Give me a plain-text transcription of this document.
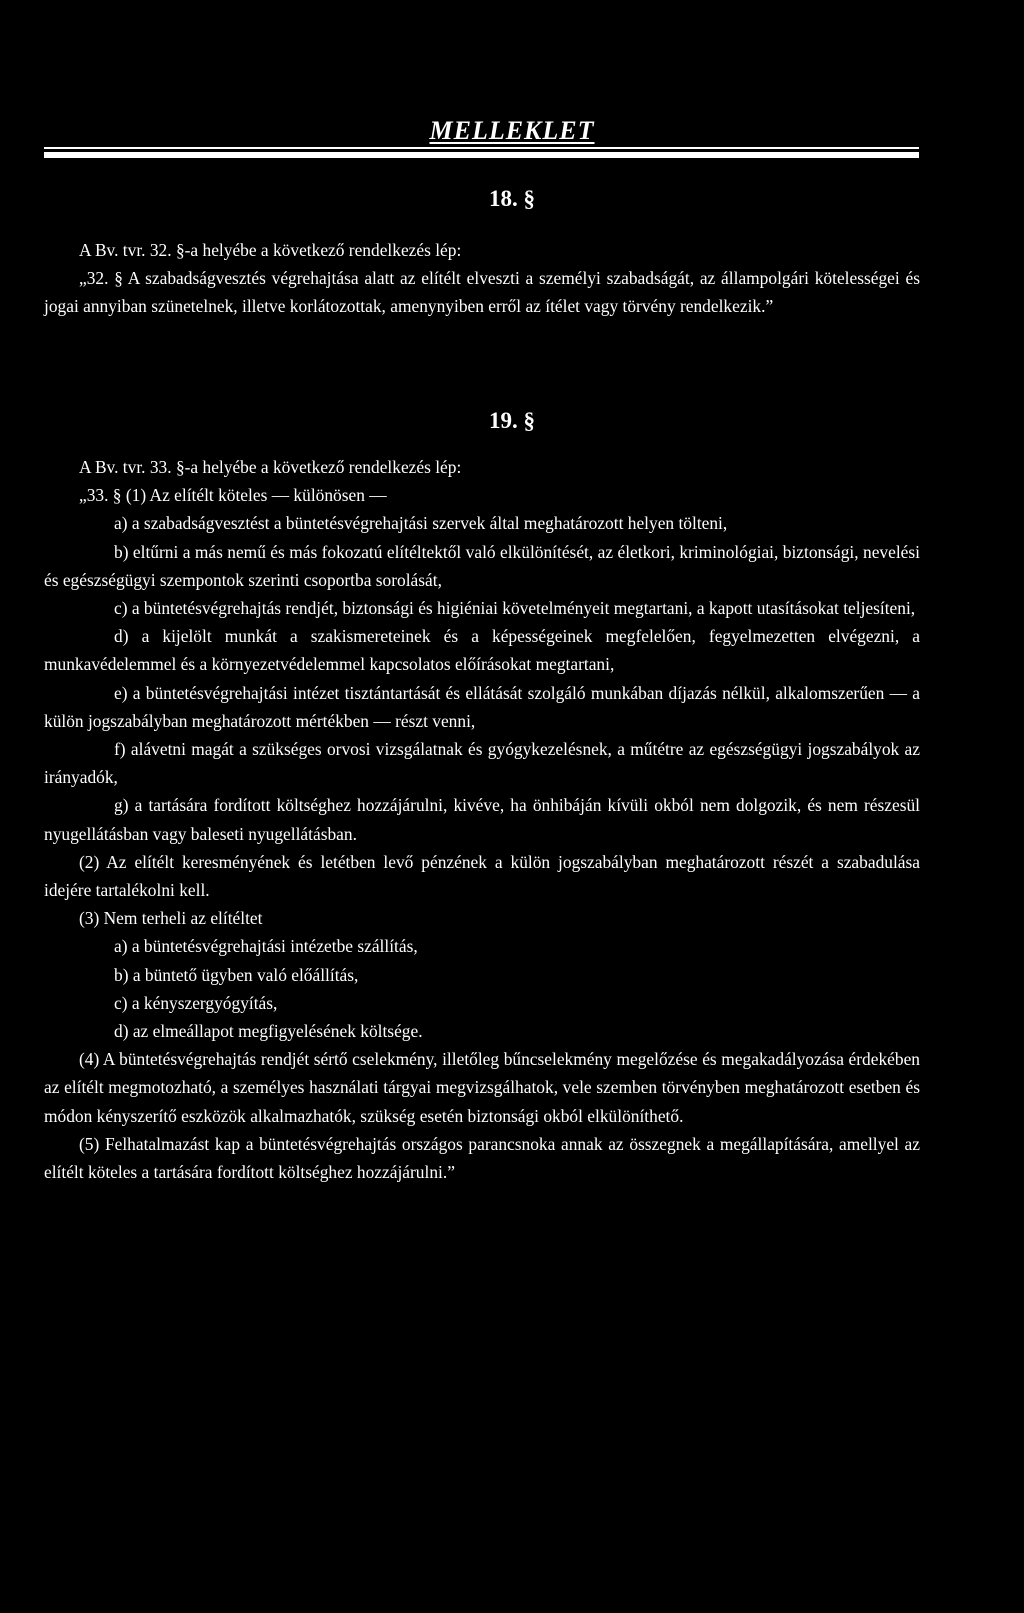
MELLEKLET
18. §

A Bv. tvr. 32. §-a helyébe a következő rendelkezés lép:

„32. § A szabadságvesztés végrehajtása alatt az elítélt elveszti a személyi szabadságát, az állampolgári kötelességei és jogai annyiban szünetelnek, illetve korlátozottak, amenynyiben erről az ítélet vagy törvény rendelkezik.”

19. §

A Bv. tvr. 33. §-a helyébe a következő rendelkezés lép:

„33. § (1) Az elítélt köteles — különösen —

a) a szabadságvesztést a büntetésvégrehajtási szervek által meghatározott helyen tölteni,

b) eltűrni a más nemű és más fokozatú elítéltektől való elkülönítését, az életkori, kriminológiai, biztonsági, nevelési és egészségügyi szempontok szerinti csoportba sorolását,

c) a büntetésvégrehajtás rendjét, biztonsági és higiéniai követelményeit megtartani, a kapott utasításokat teljesíteni,

d) a kijelölt munkát a szakismereteinek és a képességeinek megfelelően, fegyelmezetten elvégezni, a munkavédelemmel és a környezetvédelemmel kapcsolatos előírásokat megtartani,

e) a büntetésvégrehajtási intézet tisztántartását és ellátását szolgáló munkában díjazás nélkül, alkalomszerűen — a külön jogszabályban meghatározott mértékben — részt venni,

f) alávetni magát a szükséges orvosi vizsgálatnak és gyógykezelésnek, a műtétre az egészségügyi jogszabályok az irányadók,

g) a tartására fordított költséghez hozzájárulni, kivéve, ha önhibáján kívüli okból nem dolgozik, és nem részesül nyugellátásban vagy baleseti nyugellátásban.

(2) Az elítélt keresményének és letétben levő pénzének a külön jogszabályban meghatározott részét a szabadulása idejére tartalékolni kell.

(3) Nem terheli az elítéltet

a) a büntetésvégrehajtási intézetbe szállítás,

b) a büntető ügyben való előállítás,

c) a kényszergyógyítás,

d) az elmeállapot megfigyelésének költsége.

(4) A büntetésvégrehajtás rendjét sértő cselekmény, illetőleg bűncselekmény megelőzése és megakadályozása érdekében az elítélt megmotozható, a személyes használati tárgyai megvizsgálhatok, vele szemben törvényben meghatározott esetben és módon kényszerítő eszközök alkalmazhatók, szükség esetén biztonsági okból elkülöníthető.

(5) Felhatalmazást kap a büntetésvégrehajtás országos parancsnoka annak az összegnek a megállapítására, amellyel az elítélt köteles a tartására fordított költséghez hozzájárulni.”
